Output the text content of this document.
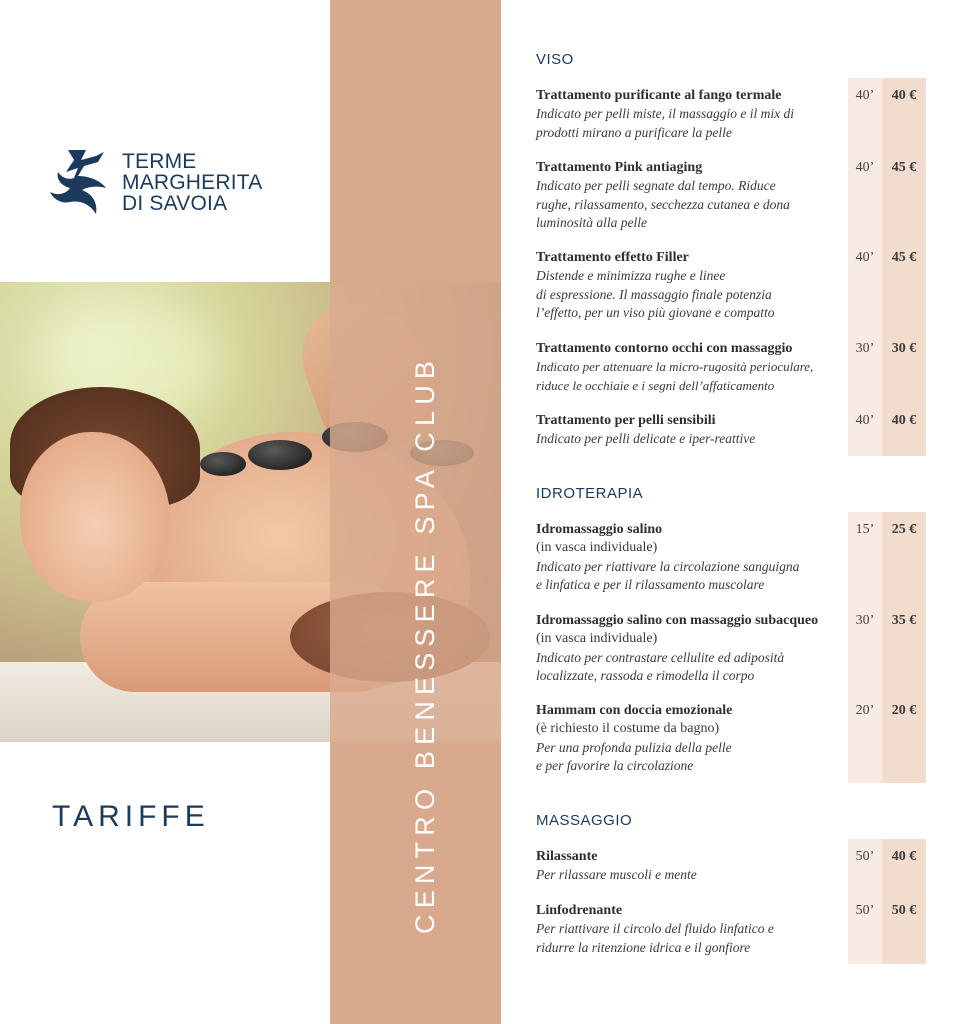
TERME
MARGHERITA
DI SAVOIA
CENTRO BENESSERE SPA CLUB
TARIFFE
VISO
IDROTERAPIA
MASSAGGIO
Trattamento purificante al fango termale
Indicato per pelli miste, il massaggio e il mix di
prodotti mirano a purificare la pelle
40’	40 €
Trattamento Pink antiaging
Indicato per pelli segnate dal tempo. Riduce
rughe, rilassamento, secchezza cutanea e dona
luminosità alla pelle
40’	45 €
Trattamento effetto Filler
Distende e minimizza rughe e linee
di espressione. Il massaggio finale potenzia
l’effetto, per un viso più giovane e compatto
40’	45 €
Trattamento contorno occhi con massaggio
Indicato per attenuare la micro-rugosità perioculare,
riduce le occhiaie e i segni dell’affaticamento
30’	30 €
Trattamento per pelli sensibili
Indicato per pelli delicate e iper-reattive
40’	40 €
Idromassaggio salino
(in vasca individuale)
Indicato per riattivare la circolazione sanguigna
e linfatica e per il rilassamento muscolare
15’	25 €
Idromassaggio salino con massaggio subacqueo
(in vasca individuale)
Indicato per contrastare cellulite ed adiposità
localizzate, rassoda e rimodella il corpo
30’	35 €
Hammam con doccia emozionale
(è richiesto il costume da bagno)
Per una profonda pulizia della pelle
e per favorire la circolazione
20’	20 €
Rilassante
Per rilassare muscoli e mente
50’	40 €
Linfodrenante
Per riattivare il circolo del fluido linfatico e
ridurre la ritenzione idrica e il gonfiore
50’	50 €
